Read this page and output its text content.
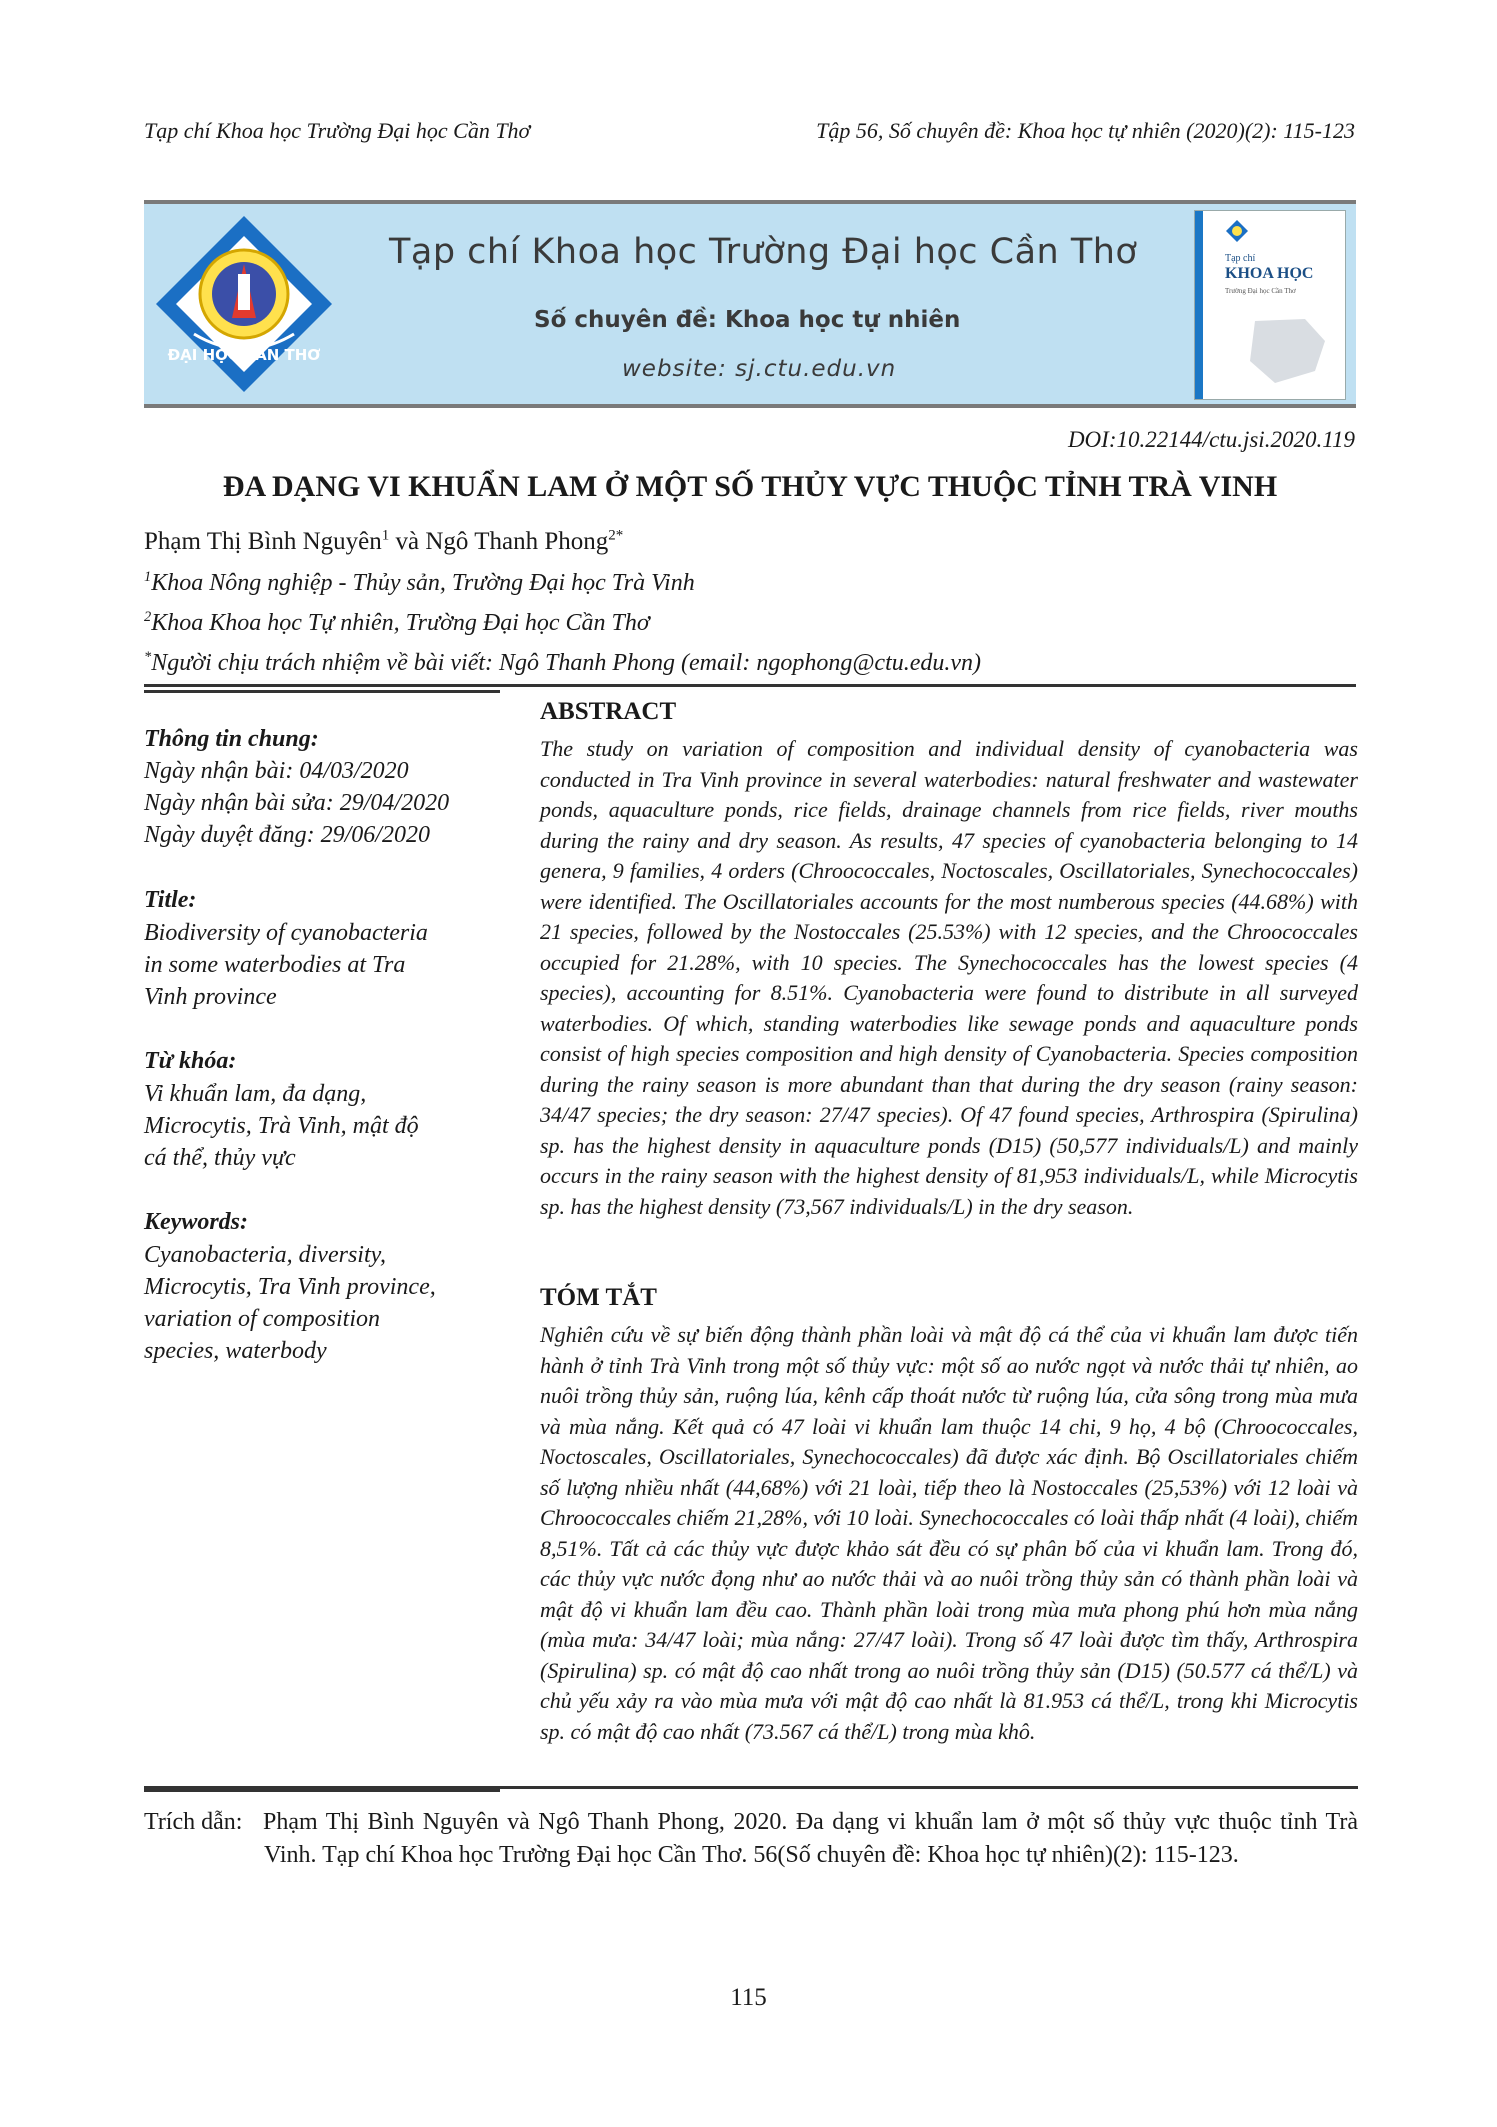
Tạp chí Khoa học Trường Đại học Cần Thơ	Tập 56, Số chuyên đề: Khoa học tự nhiên (2020)(2): 115-123
ĐẠI HỌC CẦN THƠ
Tạp chí Khoa học Trường Đại học Cần Thơ
Số chuyên đề: Khoa học tự nhiên
website: sj.ctu.edu.vn
Tạp chí
KHOA HỌC
Trường Đại học Cần Thơ
DOI:10.22144/ctu.jsi.2020.119
ĐA DẠNG VI KHUẨN LAM Ở MỘT SỐ THỦY VỰC THUỘC TỈNH TRÀ VINH
Phạm Thị Bình Nguyên$^1$ và Ngô Thanh Phong$^{2*}$
$^1$Khoa Nông nghiệp - Thủy sản, Trường Đại học Trà Vinh
$^2$Khoa Khoa học Tự nhiên, Trường Đại học Cần Thơ
*Người chịu trách nhiệm về bài viết: Ngô Thanh Phong (email: ngophong@ctu.edu.vn)
Thông tin chung:
Ngày nhận bài: 04/03/2020
Ngày nhận bài sửa: 29/04/2020
Ngày duyệt đăng: 29/06/2020
Title:
Biodiversity of cyanobacteria
in some waterbodies at Tra
Vinh province
Từ khóa:
Vi khuẩn lam, đa dạng,
Microcytis, Trà Vinh, mật độ
cá thể, thủy vực
Keywords:
Cyanobacteria, diversity,
Microcytis, Tra Vinh province,
variation of composition
species, waterbody
ABSTRACT
The study on variation of composition and individual density of cyanobacteria was conducted in Tra Vinh province in several waterbodies: natural freshwater and wastewater ponds, aquaculture ponds, rice fields, drainage channels from rice fields, river mouths during the rainy and dry season. As results, 47 species of cyanobacteria belonging to 14 genera, 9 families, 4 orders (Chroococcales, Noctoscales, Oscillatoriales, Synechococcales) were identified. The Oscillatoriales accounts for the most numberous species (44.68%) with 21 species, followed by the Nostoccales (25.53%) with 12 species, and the Chroococcales occupied for 21.28%, with 10 species. The Synechococcales has the lowest species (4 species), accounting for 8.51%. Cyanobacteria were found to distribute in all surveyed waterbodies. Of which, standing waterbodies like sewage ponds and aquaculture ponds consist of high species composition and high density of Cyanobacteria. Species composition during the rainy season is more abundant than that during the dry season (rainy season: 34/47 species; the dry season: 27/47 species). Of 47 found species, Arthrospira (Spirulina) sp. has the highest density in aquaculture ponds (D15) (50,577 individuals/L) and mainly occurs in the rainy season with the highest density of 81,953 individuals/L, while Microcytis sp. has the highest density (73,567 individuals/L) in the dry season.
TÓM TẮT
Nghiên cứu về sự biến động thành phần loài và mật độ cá thể của vi khuẩn lam được tiến hành ở tỉnh Trà Vinh trong một số thủy vực: một số ao nước ngọt và nước thải tự nhiên, ao nuôi trồng thủy sản, ruộng lúa, kênh cấp thoát nước từ ruộng lúa, cửa sông trong mùa mưa và mùa nắng. Kết quả có 47 loài vi khuẩn lam thuộc 14 chi, 9 họ, 4 bộ (Chroococcales, Noctoscales, Oscillatoriales, Synechococcales) đã được xác định. Bộ Oscillatoriales chiếm số lượng nhiều nhất (44,68%) với 21 loài, tiếp theo là Nostoccales (25,53%) với 12 loài và Chroococcales chiếm 21,28%, với 10 loài. Synechococcales có loài thấp nhất (4 loài), chiếm 8,51%. Tất cả các thủy vực được khảo sát đều có sự phân bố của vi khuẩn lam. Trong đó, các thủy vực nước đọng như ao nước thải và ao nuôi trồng thủy sản có thành phần loài và mật độ vi khuẩn lam đều cao. Thành phần loài trong mùa mưa phong phú hơn mùa nắng (mùa mưa: 34/47 loài; mùa nắng: 27/47 loài). Trong số 47 loài được tìm thấy, Arthrospira (Spirulina) sp. có mật độ cao nhất trong ao nuôi trồng thủy sản (D15) (50.577 cá thể/L) và chủ yếu xảy ra vào mùa mưa với mật độ cao nhất là 81.953 cá thể/L, trong khi Microcytis sp. có mật độ cao nhất (73.567 cá thể/L) trong mùa khô.
Trích dẫn: Phạm Thị Bình Nguyên và Ngô Thanh Phong, 2020. Đa dạng vi khuẩn lam ở một số thủy vực thuộc tỉnh Trà Vinh. Tạp chí Khoa học Trường Đại học Cần Thơ. 56(Số chuyên đề: Khoa học tự nhiên)(2): 115-123.
115
